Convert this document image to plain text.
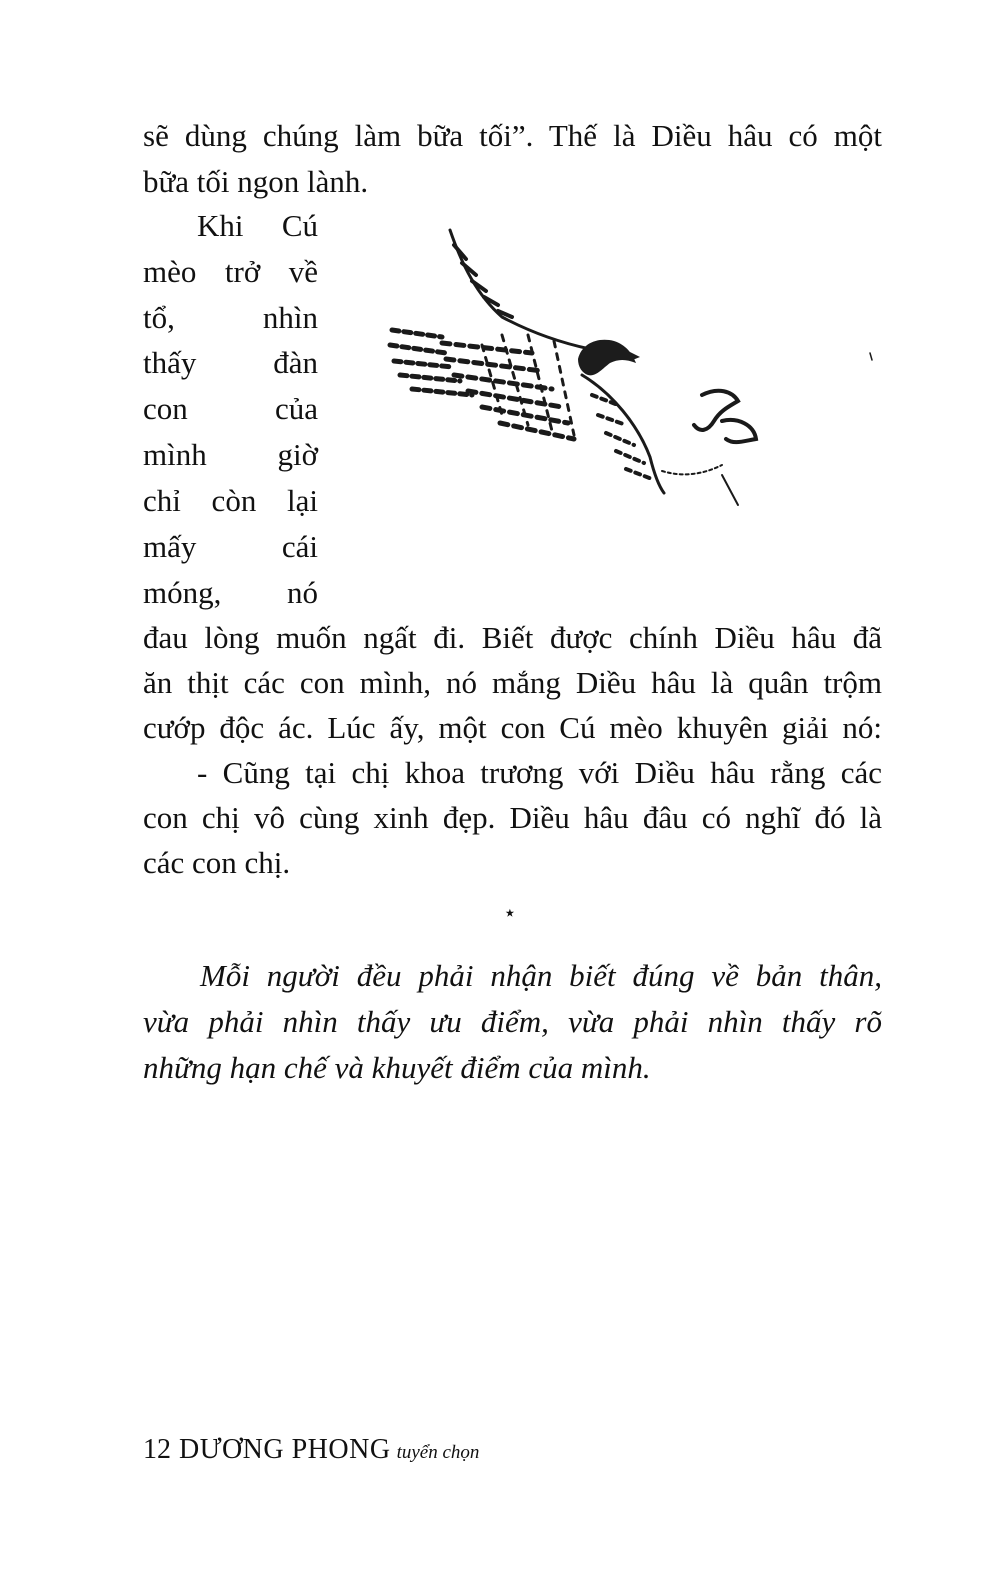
sẽ dùng chúng làm bữa tối”. Thế là Diều hâu có một
bữa tối ngon lành.
Khi Cú
mèo trở về
tổ, nhìn
thấy đàn
con của
mình giờ
chỉ còn lại
mấy cái
móng, nó
đau lòng muốn ngất đi. Biết được chính Diều hâu đã
ăn thịt các con mình, nó mắng Diều hâu là quân trộm
cướp độc ác. Lúc ấy, một con Cú mèo khuyên giải nó:
- Cũng tại chị khoa trương với Diều hâu rằng các
con chị vô cùng xinh đẹp. Diều hâu đâu có nghĩ đó là
các con chị.
⋆
Mỗi người đều phải nhận biết đúng về bản thân,
vừa phải nhìn thấy ưu điểm, vừa phải nhìn thấy rõ
những hạn chế và khuyết điểm của mình.
12 DƯƠNG PHONG tuyển chọn
